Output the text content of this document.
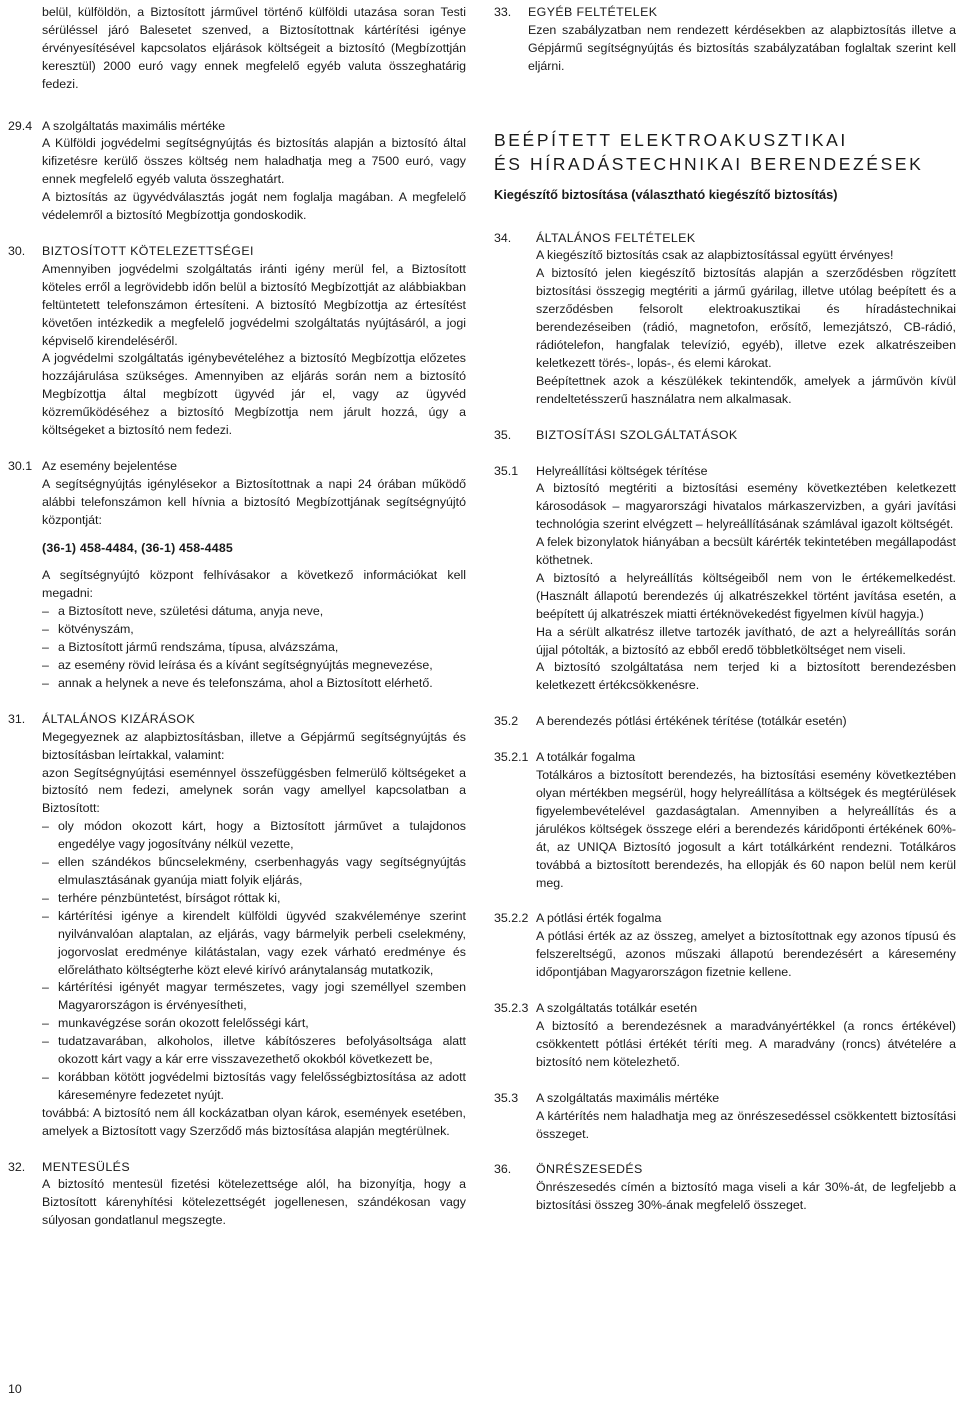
belül, külföldön, a Biztosított járművel történő külföldi utazása soran Testi sérüléssel járó Balesetet szenved, a Biztosítottnak kártérítési igénye érvényesítésével kapcsolatos eljárások költségeit a biztosító (Megbízottján keresztül) 2000 euró vagy ennek megfelelő egyéb valuta összeghatárig fedezi.

29.4 A szolgáltatás maximális mértéke

A Külföldi jogvédelmi segítségnyújtás és biztosítás alapján a biztosító által kifizetésre kerülő összes költség nem haladhatja meg a 7500 euró, vagy ennek megfelelő egyéb valuta összeghatárt.

A biztosítás az ügyvédválasztás jogát nem foglalja magában. A megfelelő védelemről a biztosító Megbízottja gondoskodik.

30.	BIZTOSÍTOTT KÖTELEZETTSÉGEI

Amennyiben jogvédelmi szolgáltatás iránti igény merül fel, a Biztosított köteles erről a legrövidebb időn belül a biztosító Megbízottját az alábbiakban feltüntetett telefonszámon értesíteni. A biztosító Megbízottja az értesítést követően intézkedik a megfelelő jogvédelmi szolgáltatás nyújtásáról, a jogi képviselő kirendeléséről.

A jogvédelmi szolgáltatás igénybevételéhez a biztosító Megbízottja előzetes hozzájárulása szükséges. Amennyiben az eljárás során nem a biztosító Megbízottja által megbízott ügyvéd jár el, vagy az ügyvéd közreműködéséhez a biztosító Megbízottja nem járult hozzá, úgy a költségeket a biztosító nem fedezi.

30.1 Az esemény bejelentése

A segítségnyújtás igénylésekor a Biztosítottnak a napi 24 órában működő alábbi telefonszámon kell hívnia a biztosító Megbízottjának segítségnyújtó központját:

(36-1) 458-4484, (36-1) 458-4485

A segítségnyújtó központ felhívásakor a következő információkat kell megadni:

– a Biztosított neve, születési dátuma, anyja neve,
– kötvényszám,
– a Biztosított jármű rendszáma, típusa, alvázszáma,
– az esemény rövid leírása és a kívánt segítségnyújtás megnevezése,
– annak a helynek a neve és telefonszáma, ahol a Biztosított elérhető.
31.	ÁLTALÁNOS KIZÁRÁSOK

Megegyeznek az alapbiztosításban, illetve a Gépjármű segítségnyújtás és biztosításban leírtakkal, valamint:

azon Segítségnyújtási eseménnyel összefüggésben felmerülő költségeket a biztosító nem fedezi, amelynek során vagy amellyel kapcsolatban a Biztosított:

– oly módon okozott kárt, hogy a Biztosított járművet a tulajdonos engedélye vagy jogosítvány nélkül vezette,
– ellen szándékos bűncselekmény, cserbenhagyás vagy segítségnyújtás elmulasztásának gyanúja miatt folyik eljárás,
– terhére pénzbüntetést, bírságot róttak ki,
– kártérítési igénye a kirendelt külföldi ügyvéd szakvéleménye szerint nyilvánvalóan alaptalan, az eljárás, vagy bármelyik perbeli cselekmény, jogorvoslat eredménye kilátástalan, vagy ezek várható eredménye és előreláthato költségterhe közt elevé kirívó aránytalanság mutatkozik,
– kártérítési igényét magyar természetes, vagy jogi személlyel szemben Magyarországon is érvényesítheti,
– munkavégzése során okozott felelősségi kárt,
– tudatzavarában, alkoholos, illetve kábítószeres befolyásoltsága alatt okozott kárt vagy a kár erre visszavezethető okokból következett be,
– korábban kötött jogvédelmi biztosítás vagy felelősségbiztosítása az adott káreseményre fedezetet nyújt.

továbbá: A biztosító nem áll kockázatban olyan károk, események esetében, amelyek a Biztosított vagy Szerződő más biztosítása alapján megtérülnek.

32.	MENTESÜLÉS

A biztosító mentesül fizetési kötelezettsége alól, ha bizonyítja, hogy a Biztosított kárenyhítési kötelezettségét jogellenesen, szándékosan vagy súlyosan gondatlanul megszegte.

33.	EGYÉB FELTÉTELEK

Ezen szabályzatban nem rendezett kérdésekben az alapbiztosítás illetve a Gépjármű segítségnyújtás és biztosítás szabályzatában foglaltak szerint kell eljárni.

BEÉPÍTETT ELEKTROAKUSZTIKAI

ÉS HÍRADÁSTECHNIKAI BERENDEZÉSEK

Kiegészítő biztosítása (választható kiegészítő biztosítás)

34.	ÁLTALÁNOS FELTÉTELEK

A kiegészítő biztosítás csak az alapbiztosítással együtt érvényes!

A biztosító jelen kiegészítő biztosítás alapján a szerződésben rögzített biztosítási összegig megtériti a jármű gyárilag, illetve utólag beépített és a szerződésben felsorolt elektroakusztikai és híradástechnikai berendezéseiben (rádió, magnetofon, erősítő, lemezjátszó, CB-rádió, rádiótelefon, hangfalak televízió, egyéb), illetve ezek alkatrészeiben keletkezett törés-, lopás-, és elemi károkat.

Beépítettnek azok a készülékek tekintendők, amelyek a járművön kívül rendeltetésszerű használatra nem alkalmasak.

35.	BIZTOSÍTÁSI SZOLGÁLTATÁSOK

35.1	Helyreállítási költségek térítése

A biztosító megtériti a biztosítási esemény következtében keletkezett károsodások – magyarországi hivatalos márkaszervizben, a gyári javítási technológia szerint elvégzett – helyreállításának számlával igazolt költségét.

A felek bizonylatok hiányában a becsült kárérték tekintetében megállapodást köthetnek.

A biztosító a helyreállítás költségeiből nem von le értékemelkedést. (Használt állapotú berendezés új alkatrészekkel történt javítása esetén, a beépített új alkatrészek miatti értéknövekedést figyelmen kívül hagyja.)

Ha a sérült alkatrész illetve tartozék javítható, de azt a helyreállítás során újjal pótolták, a biztosító az ebből eredő többletköltséget nem viseli.

A biztosító szolgáltatása nem terjed ki a biztosított berendezésben keletkezett értékcsökkenésre.

35.2	A berendezés pótlási értékének térítése (totálkár esetén)

35.2.1 A totálkár fogalma

Totálkáros a biztosított berendezés, ha biztosítási esemény következtében olyan mértékben megsérül, hogy helyreállítása a költségek és megtérülések figyelembevételével gazdaságtalan. Amennyiben a helyreállítás és a járulékos költségek összege eléri a berendezés káridőponti értékének 60%-át, az UNIQA Biztosító jogosult a kárt totálkárként rendezni. Totálkáros továbbá a biztosított berendezés, ha ellopják és 60 napon belül nem kerül meg.

35.2.2 A pótlási érték fogalma

A pótlási érték az az összeg, amelyet a biztosítottnak egy azonos típusú és felszereltségű, azonos műszaki állapotú berendezésért a káresemény időpontjában Magyarországon fizetnie kellene.

35.2.3 A szolgáltatás totálkár esetén

A biztosító a berendezésnek a maradványértékkel (a roncs értékével) csökkentett pótlási értékét téríti meg. A maradvány (roncs) átvételére a biztosító nem kötelezhető.

35.3	A szolgáltatás maximális mértéke

A kártérítés nem haladhatja meg az önrészesedéssel csökkentett biztosítási összeget.

36.	ÖNRÉSZESEDÉS

Önrészesedés címén a biztosító maga viseli a kár 30%-át, de legfeljebb a biztosítási összeg 30%-ának megfelelő összeget.

10
